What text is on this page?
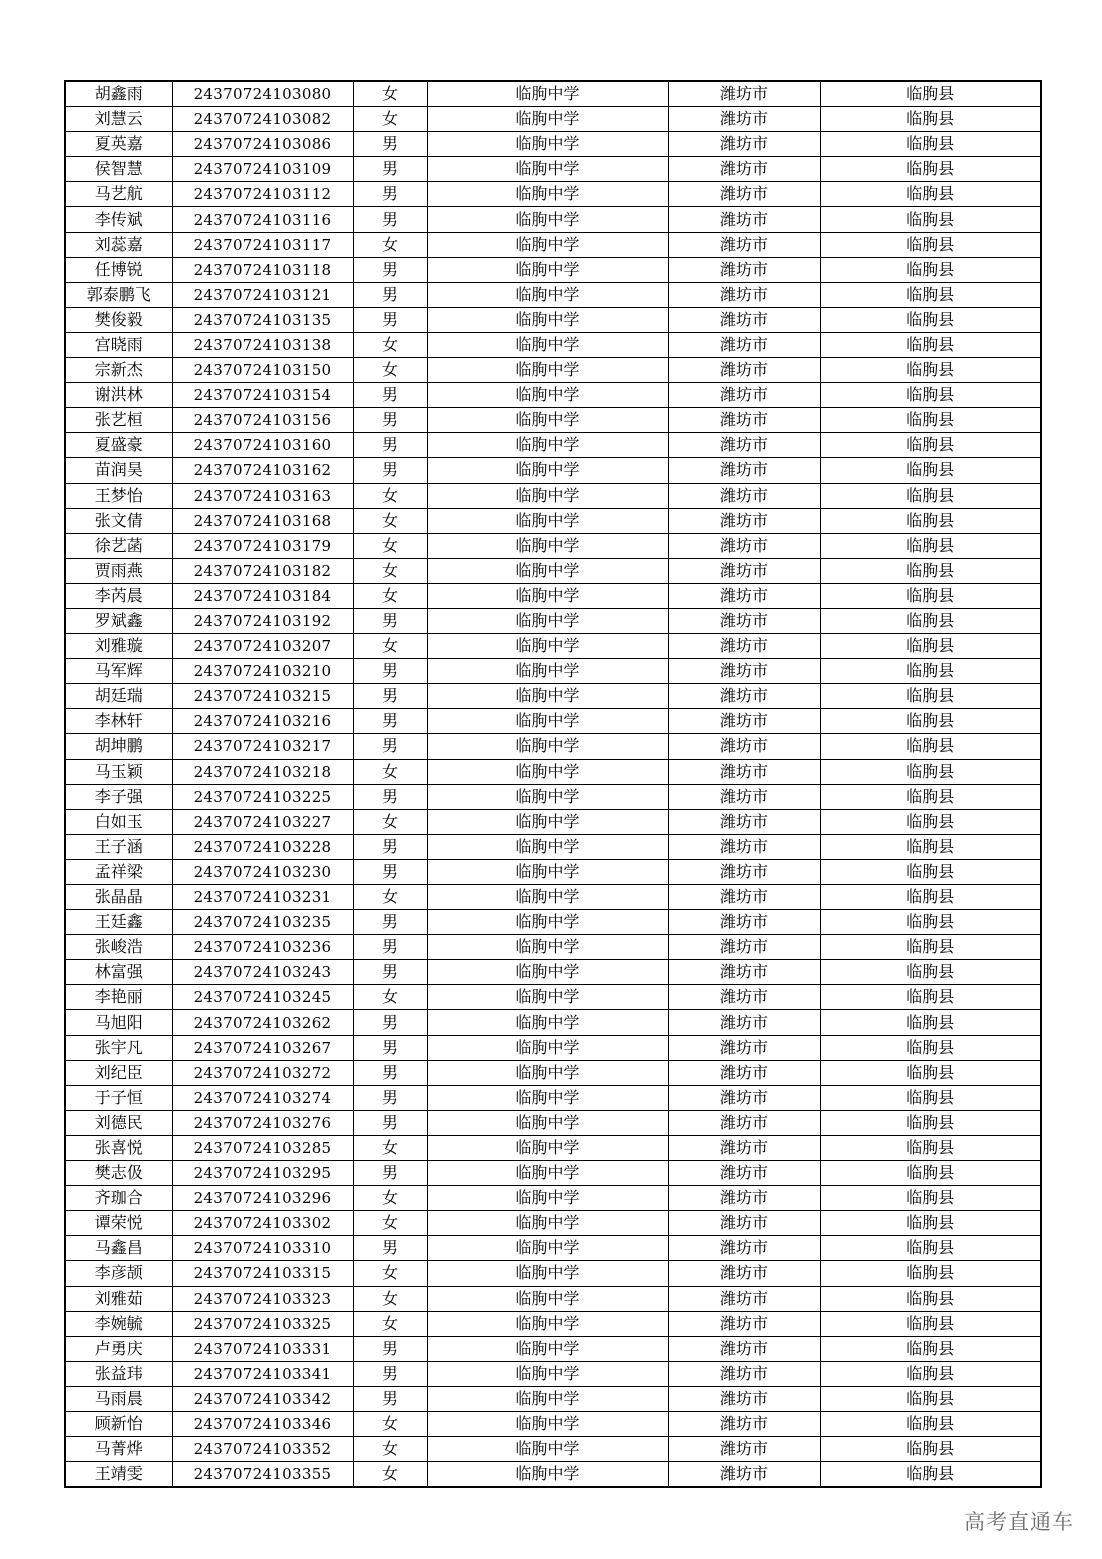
胡鑫雨	24370724103080	女	临朐中学	潍坊市	临朐县
刘慧云	24370724103082	女	临朐中学	潍坊市	临朐县
夏英嘉	24370724103086	男	临朐中学	潍坊市	临朐县
侯智慧	24370724103109	男	临朐中学	潍坊市	临朐县
马艺航	24370724103112	男	临朐中学	潍坊市	临朐县
李传斌	24370724103116	男	临朐中学	潍坊市	临朐县
刘蕊嘉	24370724103117	女	临朐中学	潍坊市	临朐县
任博锐	24370724103118	男	临朐中学	潍坊市	临朐县
郭泰鹏飞	24370724103121	男	临朐中学	潍坊市	临朐县
樊俊毅	24370724103135	男	临朐中学	潍坊市	临朐县
宫晓雨	24370724103138	女	临朐中学	潍坊市	临朐县
宗新杰	24370724103150	女	临朐中学	潍坊市	临朐县
谢洪林	24370724103154	男	临朐中学	潍坊市	临朐县
张艺桓	24370724103156	男	临朐中学	潍坊市	临朐县
夏盛豪	24370724103160	男	临朐中学	潍坊市	临朐县
苗润昊	24370724103162	男	临朐中学	潍坊市	临朐县
王梦怡	24370724103163	女	临朐中学	潍坊市	临朐县
张文倩	24370724103168	女	临朐中学	潍坊市	临朐县
徐艺菡	24370724103179	女	临朐中学	潍坊市	临朐县
贾雨燕	24370724103182	女	临朐中学	潍坊市	临朐县
李芮晨	24370724103184	女	临朐中学	潍坊市	临朐县
罗斌鑫	24370724103192	男	临朐中学	潍坊市	临朐县
刘雅璇	24370724103207	女	临朐中学	潍坊市	临朐县
马军辉	24370724103210	男	临朐中学	潍坊市	临朐县
胡廷瑞	24370724103215	男	临朐中学	潍坊市	临朐县
李林轩	24370724103216	男	临朐中学	潍坊市	临朐县
胡坤鹏	24370724103217	男	临朐中学	潍坊市	临朐县
马玉颖	24370724103218	女	临朐中学	潍坊市	临朐县
李子强	24370724103225	男	临朐中学	潍坊市	临朐县
白如玉	24370724103227	女	临朐中学	潍坊市	临朐县
王子涵	24370724103228	男	临朐中学	潍坊市	临朐县
孟祥梁	24370724103230	男	临朐中学	潍坊市	临朐县
张晶晶	24370724103231	女	临朐中学	潍坊市	临朐县
王廷鑫	24370724103235	男	临朐中学	潍坊市	临朐县
张峻浩	24370724103236	男	临朐中学	潍坊市	临朐县
林富强	24370724103243	男	临朐中学	潍坊市	临朐县
李艳丽	24370724103245	女	临朐中学	潍坊市	临朐县
马旭阳	24370724103262	男	临朐中学	潍坊市	临朐县
张宇凡	24370724103267	男	临朐中学	潍坊市	临朐县
刘纪臣	24370724103272	男	临朐中学	潍坊市	临朐县
于子恒	24370724103274	男	临朐中学	潍坊市	临朐县
刘德民	24370724103276	男	临朐中学	潍坊市	临朐县
张喜悦	24370724103285	女	临朐中学	潍坊市	临朐县
樊志伋	24370724103295	男	临朐中学	潍坊市	临朐县
齐珈合	24370724103296	女	临朐中学	潍坊市	临朐县
谭荣悦	24370724103302	女	临朐中学	潍坊市	临朐县
马鑫昌	24370724103310	男	临朐中学	潍坊市	临朐县
李彦颉	24370724103315	女	临朐中学	潍坊市	临朐县
刘雅茹	24370724103323	女	临朐中学	潍坊市	临朐县
李婉毓	24370724103325	女	临朐中学	潍坊市	临朐县
卢勇庆	24370724103331	男	临朐中学	潍坊市	临朐县
张益玮	24370724103341	男	临朐中学	潍坊市	临朐县
马雨晨	24370724103342	男	临朐中学	潍坊市	临朐县
顾新怡	24370724103346	女	临朐中学	潍坊市	临朐县
马菁烨	24370724103352	女	临朐中学	潍坊市	临朐县
王靖雯	24370724103355	女	临朐中学	潍坊市	临朐县
高考直通车
